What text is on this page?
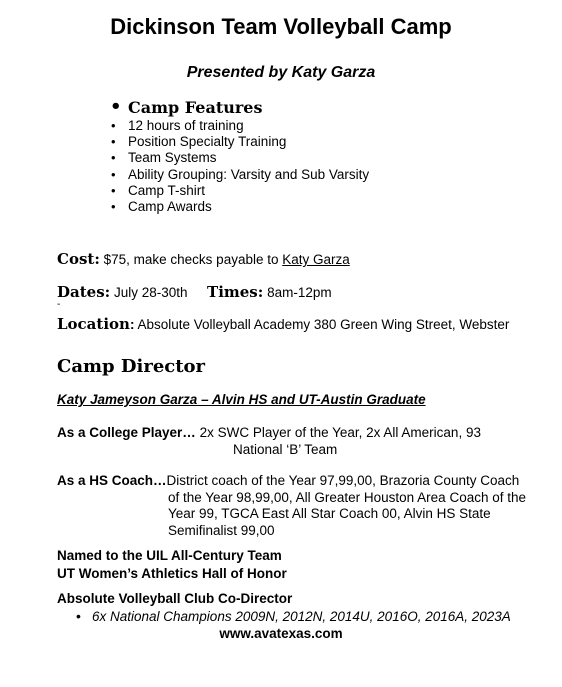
Dickinson Team Volleyball Camp
Presented by Katy Garza
• Camp Features
• 12 hours of training
• Position Specialty Training
• Team Systems
• Ability Grouping: Varsity and Sub Varsity
• Camp T-shirt
• Camp Awards
Cost: $75, make checks payable to Katy Garza
Dates: July 28-30th Times: 8am-12pm
-
Location: Absolute Volleyball Academy 380 Green Wing Street, Webster
Camp Director
Katy Jameyson Garza – Alvin HS and UT-Austin Graduate
As a College Player… 2x SWC Player of the Year, 2x All American, 93
National ‘B’ Team
As a HS Coach…District coach of the Year 97,99,00, Brazoria County Coach
of the Year 98,99,00, All Greater Houston Area Coach of the
Year 99, TGCA East All Star Coach 00, Alvin HS State
Semifinalist 99,00
Named to the UIL All-Century Team
UT Women’s Athletics Hall of Honor
Absolute Volleyball Club Co-Director
• 6x National Champions 2009N, 2012N, 2014U, 2016O, 2016A, 2023A
www.avatexas.com
